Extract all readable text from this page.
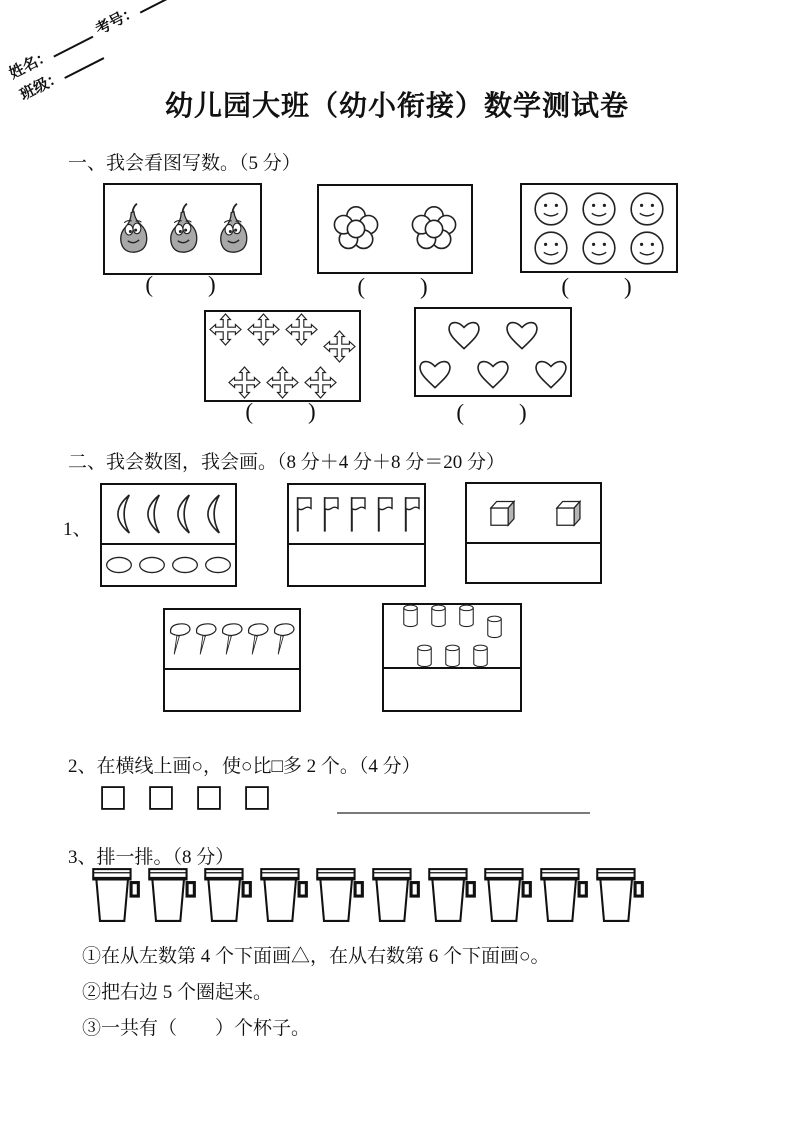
姓名：考号：
班级：
幼儿园大班（幼小衔接）数学测试卷
一、我会看图写数。（5 分）
(        )	(        )	(        )
(        )	(        )
二、我会数图，我会画。（8 分＋4 分＋8 分＝20 分）
1、
2、在横线上画○，使○比□多 2 个。（4 分）
3、排一排。（8 分）
①在从左数第 4 个下面画△，在从右数第 6 个下面画○。
②把右边 5 个圈起来。
③一共有（　　）个杯子。
